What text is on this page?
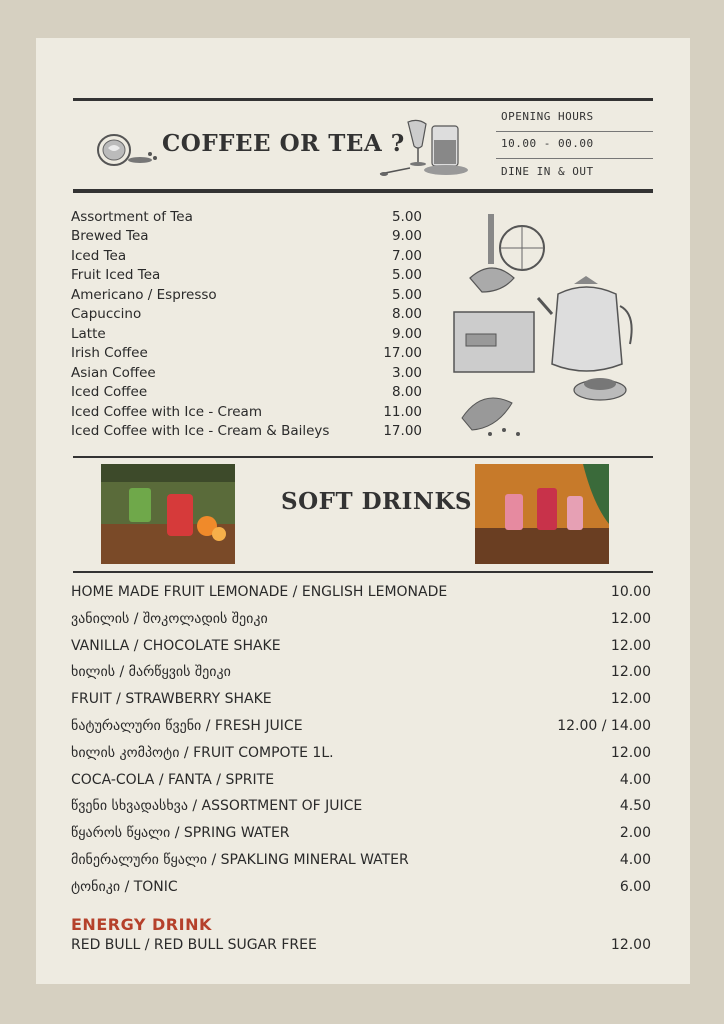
COFFEE OR TEA ?
OPENING HOURS
10.00 - 00.00
DINE IN & OUT
Assortment of Tea	5.00
Brewed Tea	9.00
Iced Tea	7.00
Fruit Iced Tea	5.00
Americano / Espresso	5.00
Capuccino	8.00
Latte	9.00
Irish Coffee	17.00
Asian Coffee	3.00
Iced Coffee	8.00
Iced Coffee with Ice - Cream	11.00
Iced Coffee with Ice - Cream & Baileys	17.00
SOFT DRINKS
HOME MADE FRUIT LEMONADE / ENGLISH LEMONADE	10.00
ვანილის / შოკოლადის შეიკი	12.00
VANILLA / CHOCOLATE SHAKE	12.00
ხილის / მარწყვის შეიკი	12.00
FRUIT / STRAWBERRY SHAKE	12.00
ნატურალური წვენი / FRESH JUICE	12.00 / 14.00
ხილის კომპოტი / FRUIT COMPOTE 1L.	12.00
COCA-COLA / FANTA / SPRITE	4.00
წვენი სხვადასხვა / ASSORTMENT OF JUICE	4.50
წყაროს წყალი / SPRING WATER	2.00
მინერალური წყალი / SPAKLING MINERAL WATER	4.00
ტონიკი / TONIC	6.00
ENERGY DRINK
RED BULL / RED BULL SUGAR FREE	12.00
